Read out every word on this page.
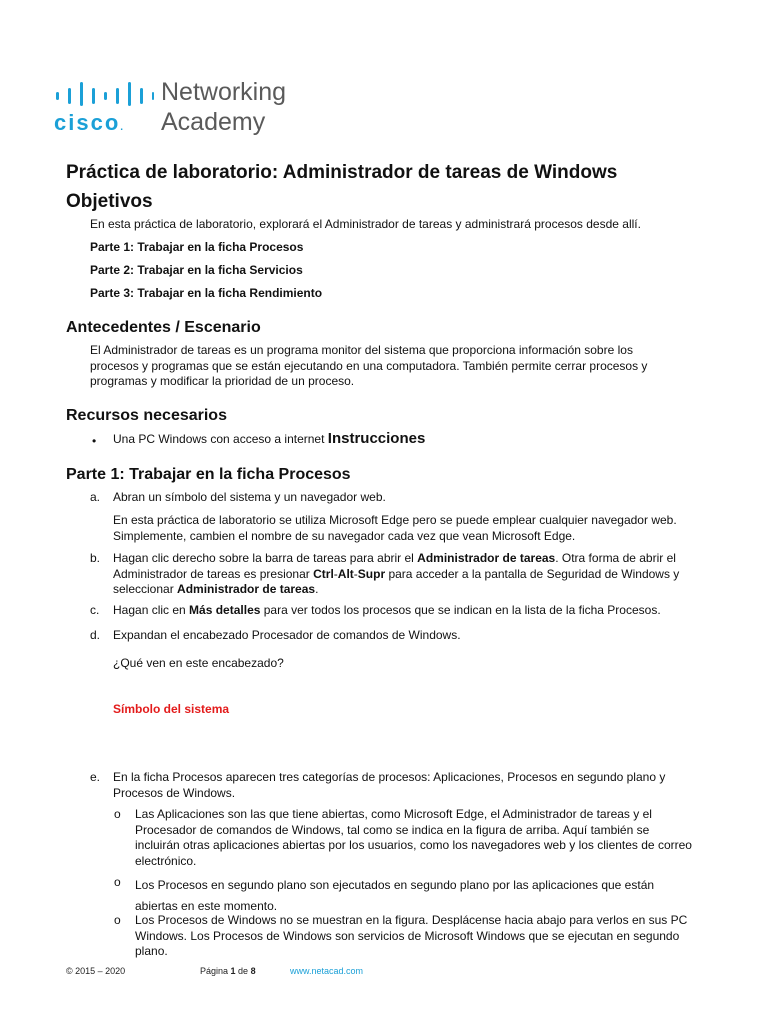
cisco.
Networking
Academy
Práctica de laboratorio: Administrador de tareas de Windows
Objetivos

En esta práctica de laboratorio, explorará el Administrador de tareas y administrará procesos desde allí.

Parte 1: Trabajar en la ficha Procesos

Parte 2: Trabajar en la ficha Servicios

Parte 3: Trabajar en la ficha Rendimiento

Antecedentes / Escenario

El Administrador de tareas es un programa monitor del sistema que proporciona información sobre los procesos y programas que se están ejecutando en una computadora. También permite cerrar procesos y programas y modificar la prioridad de un proceso.

Recursos necesarios
• Una PC Windows con acceso a internet Instrucciones

Parte 1: Trabajar en la ficha Procesos
a. Abran un símbolo del sistema y un navegador web.

En esta práctica de laboratorio se utiliza Microsoft Edge pero se puede emplear cualquier navegador web. Simplemente, cambien el nombre de su navegador cada vez que vean Microsoft Edge.

b. Hagan clic derecho sobre la barra de tareas para abrir el Administrador de tareas. Otra forma de abrir el Administrador de tareas es presionar Ctrl-Alt-Supr para acceder a la pantalla de Seguridad de Windows y seleccionar Administrador de tareas.

c. Hagan clic en Más detalles para ver todos los procesos que se indican en la lista de la ficha Procesos.

d. Expandan el encabezado Procesador de comandos de Windows.

¿Qué ven en este encabezado?

Símbolo del sistema

e. En la ficha Procesos aparecen tres categorías de procesos: Aplicaciones, Procesos en segundo plano y Procesos de Windows.

o Las Aplicaciones son las que tiene abiertas, como Microsoft Edge, el Administrador de tareas y el Procesador de comandos de Windows, tal como se indica en la figura de arriba. Aquí también se incluirán otras aplicaciones abiertas por los usuarios, como los navegadores web y los clientes de correo electrónico.

o Los Procesos en segundo plano son ejecutados en segundo plano por las aplicaciones que están abiertas en este momento.

o Los Procesos de Windows no se muestran en la figura. Desplácense hacia abajo para verlos en sus PC Windows. Los Procesos de Windows son servicios de Microsoft Windows que se ejecutan en segundo plano.

© 2015 – 2020	Página 1 de 8	www.netacad.com
